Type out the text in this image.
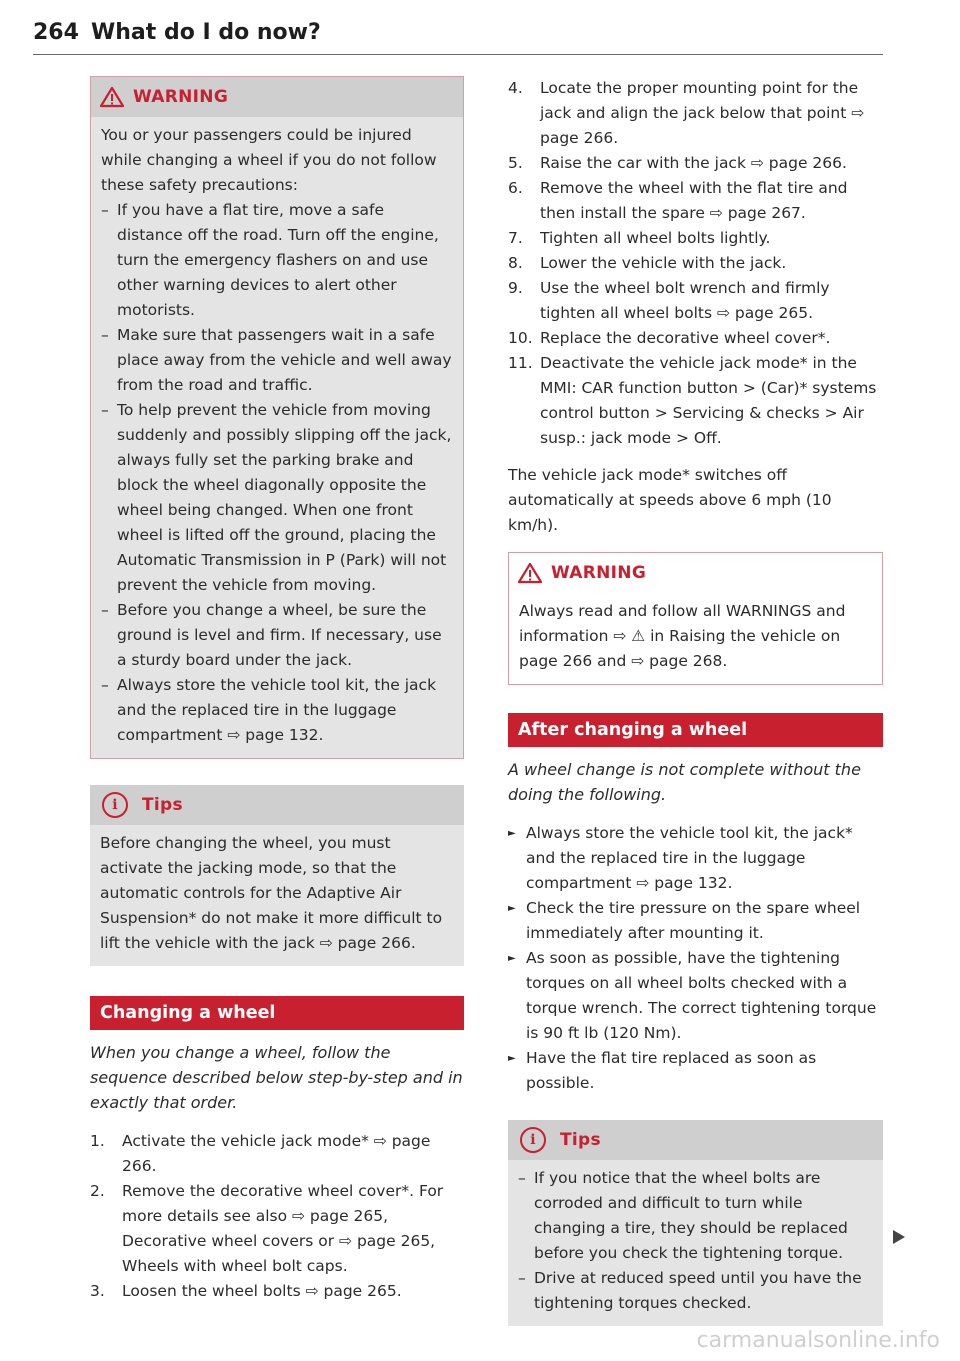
264 What do I do now?
WARNING

You or your passengers could be injured while changing a wheel if you do not follow these safety precautions:

– If you have a flat tire, move a safe distance off the road. Turn off the engine, turn the emergency flashers on and use other warning devices to alert other motorists.
– Make sure that passengers wait in a safe place away from the vehicle and well away from the road and traffic.
– To help prevent the vehicle from moving suddenly and possibly slipping off the jack, always fully set the parking brake and block the wheel diagonally opposite the wheel being changed. When one front wheel is lifted off the ground, placing the Automatic Transmission in P (Park) will not prevent the vehicle from moving.
– Before you change a wheel, be sure the ground is level and firm. If necessary, use a sturdy board under the jack.
– Always store the vehicle tool kit, the jack and the replaced tire in the luggage compartment ⇨ page 132.
i	Tips

Before changing the wheel, you must activate the jacking mode, so that the automatic controls for the Adaptive Air Suspension* do not make it more difficult to lift the vehicle with the jack ⇨ page 266.

Changing a wheel

When you change a wheel, follow the sequence described below step-by-step and in exactly that order.

1. Activate the vehicle jack mode* ⇨ page 266.
2. Remove the decorative wheel cover*. For more details see also ⇨ page 265, Decorative wheel covers or ⇨ page 265, Wheels with wheel bolt caps.
3. Loosen the wheel bolts ⇨ page 265.
4. Locate the proper mounting point for the jack and align the jack below that point ⇨ page 266.
5. Raise the car with the jack ⇨ page 266.
6. Remove the wheel with the flat tire and then install the spare ⇨ page 267.
7. Tighten all wheel bolts lightly.
8. Lower the vehicle with the jack.
9. Use the wheel bolt wrench and firmly tighten all wheel bolts ⇨ page 265.
10. Replace the decorative wheel cover*.
11. Deactivate the vehicle jack mode* in the MMI: CAR function button > (Car)* systems control button > Servicing & checks > Air susp.: jack mode > Off.

The vehicle jack mode* switches off automatically at speeds above 6 mph (10 km/h).

WARNING

Always read and follow all WARNINGS and information ⇨ ⚠ in Raising the vehicle on page 266 and ⇨ page 268.

After changing a wheel

A wheel change is not complete without the doing the following.

► Always store the vehicle tool kit, the jack* and the replaced tire in the luggage compartment ⇨ page 132.
► Check the tire pressure on the spare wheel immediately after mounting it.
► As soon as possible, have the tightening torques on all wheel bolts checked with a torque wrench. The correct tightening torque is 90 ft lb (120 Nm).
► Have the flat tire replaced as soon as possible.
i	Tips
– If you notice that the wheel bolts are corroded and difficult to turn while changing a tire, they should be replaced before you check the tightening torque.
– Drive at reduced speed until you have the tightening torques checked.
carmanualsonline.info
